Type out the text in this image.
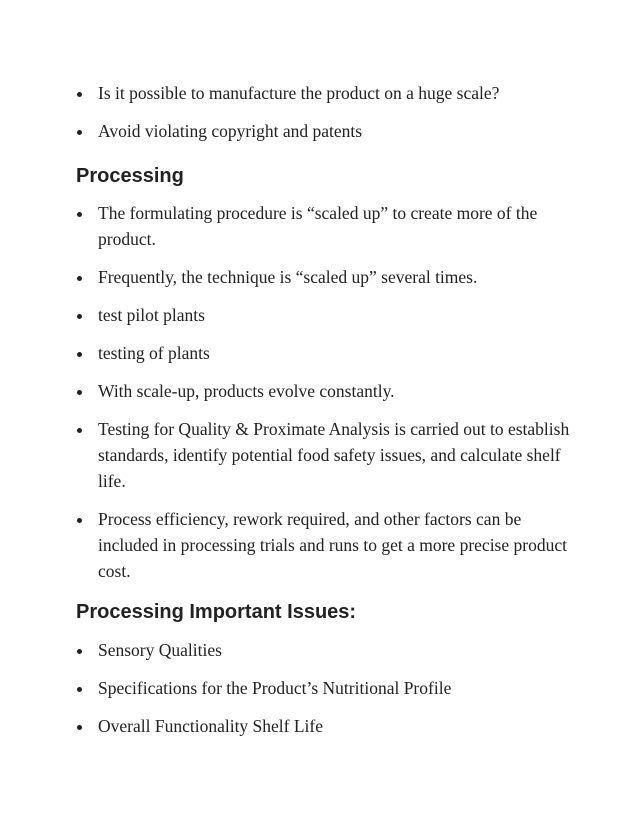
Is it possible to manufacture the product on a huge scale?
Avoid violating copyright and patents
Processing
The formulating procedure is “scaled up” to create more of the product.
Frequently, the technique is “scaled up” several times.
test pilot plants
testing of plants
With scale-up, products evolve constantly.
Testing for Quality & Proximate Analysis is carried out to establish standards, identify potential food safety issues, and calculate shelf life.
Process efficiency, rework required, and other factors can be included in processing trials and runs to get a more precise product cost.
Processing Important Issues:
Sensory Qualities
Specifications for the Product’s Nutritional Profile
Overall Functionality Shelf Life
